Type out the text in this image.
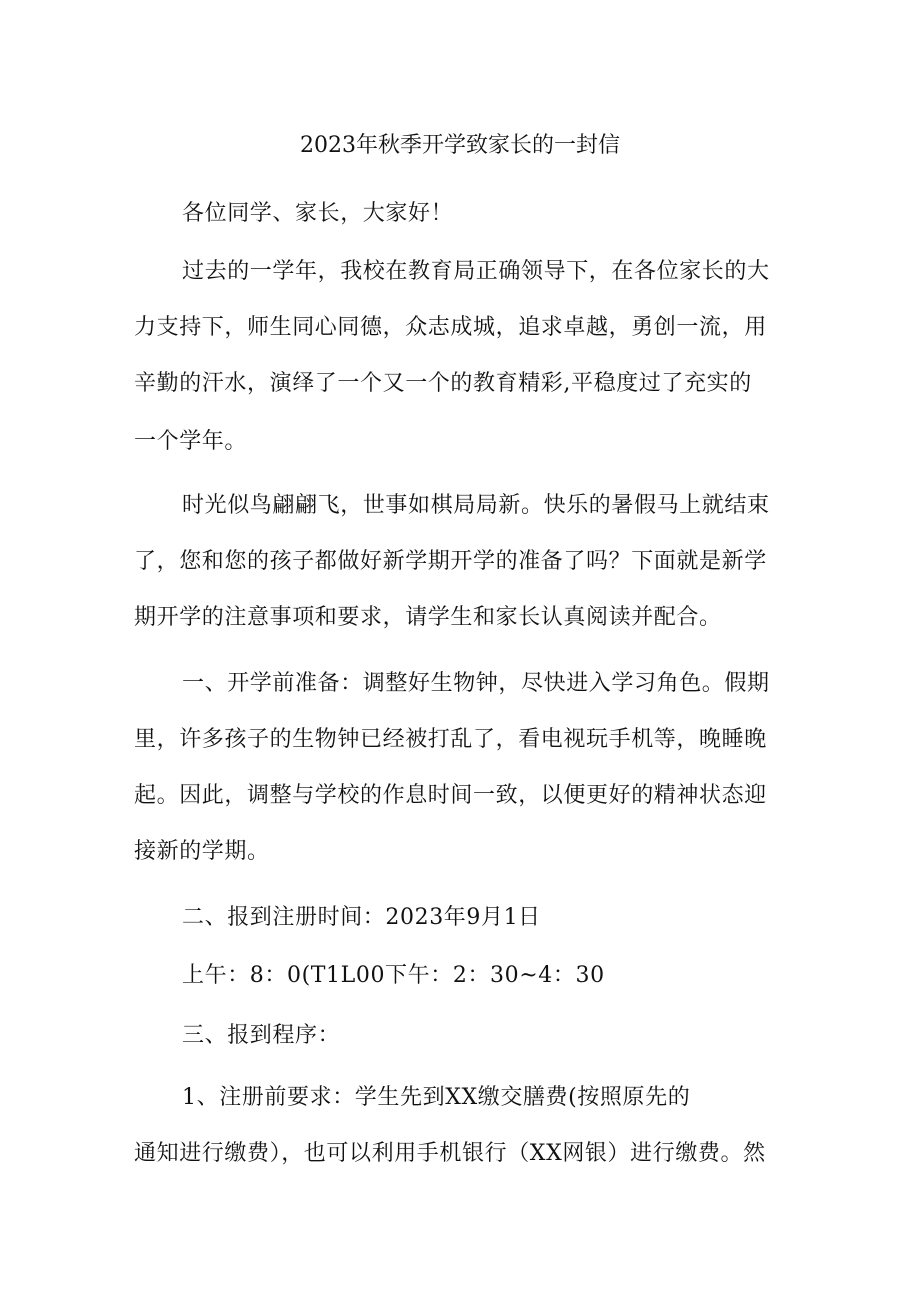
2023年秋季开学致家长的一封信
各位同学、家长，大家好！
过去的一学年，我校在教育局正确领导下，在各位家长的大
力支持下，师生同心同德，众志成城，追求卓越，勇创一流，用
辛勤的汗水，演绎了一个又一个的教育精彩,平稳度过了充实的
一个学年。
时光似鸟翩翩飞，世事如棋局局新。快乐的暑假马上就结束
了，您和您的孩子都做好新学期开学的准备了吗？下面就是新学
期开学的注意事项和要求，请学生和家长认真阅读并配合。
一、开学前准备：调整好生物钟，尽快进入学习角色。假期
里，许多孩子的生物钟已经被打乱了，看电视玩手机等，晚睡晚
起。因此，调整与学校的作息时间一致，以便更好的精神状态迎
接新的学期。
二、报到注册时间：2023年9月1日
上午：8：0(T1L00下午：2：30~4：30
三、报到程序：
1、注册前要求：学生先到XX缴交膳费(按照原先的
通知进行缴费），也可以利用手机银行（XX网银）进行缴费。然
